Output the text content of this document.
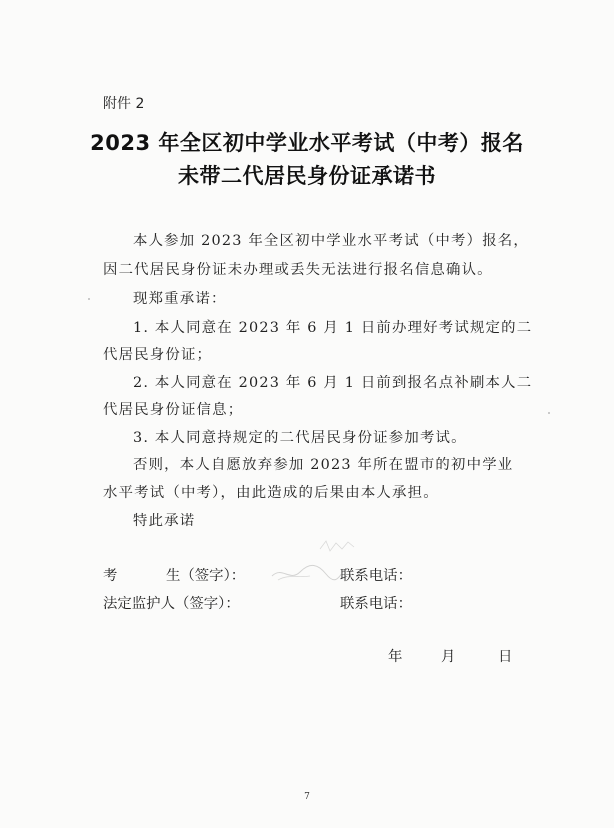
附件 2
2023 年全区初中学业水平考试（中考）报名
未带二代居民身份证承诺书
本人参加 2023 年全区初中学业水平考试（中考）报名，
因二代居民身份证未办理或丢失无法进行报名信息确认。
现郑重承诺：
1. 本人同意在 2023 年 6 月 1 日前办理好考试规定的二
代居民身份证；
2. 本人同意在 2023 年 6 月 1 日前到报名点补刷本人二
代居民身份证信息；
3. 本人同意持规定的二代居民身份证参加考试。
否则，本人自愿放弃参加 2023 年所在盟市的初中学业
水平考试（中考），由此造成的后果由本人承担。
特此承诺
考	生（签字）：	联系电话：
法定监护人（签字）：	联系电话：
年	月	日
7
